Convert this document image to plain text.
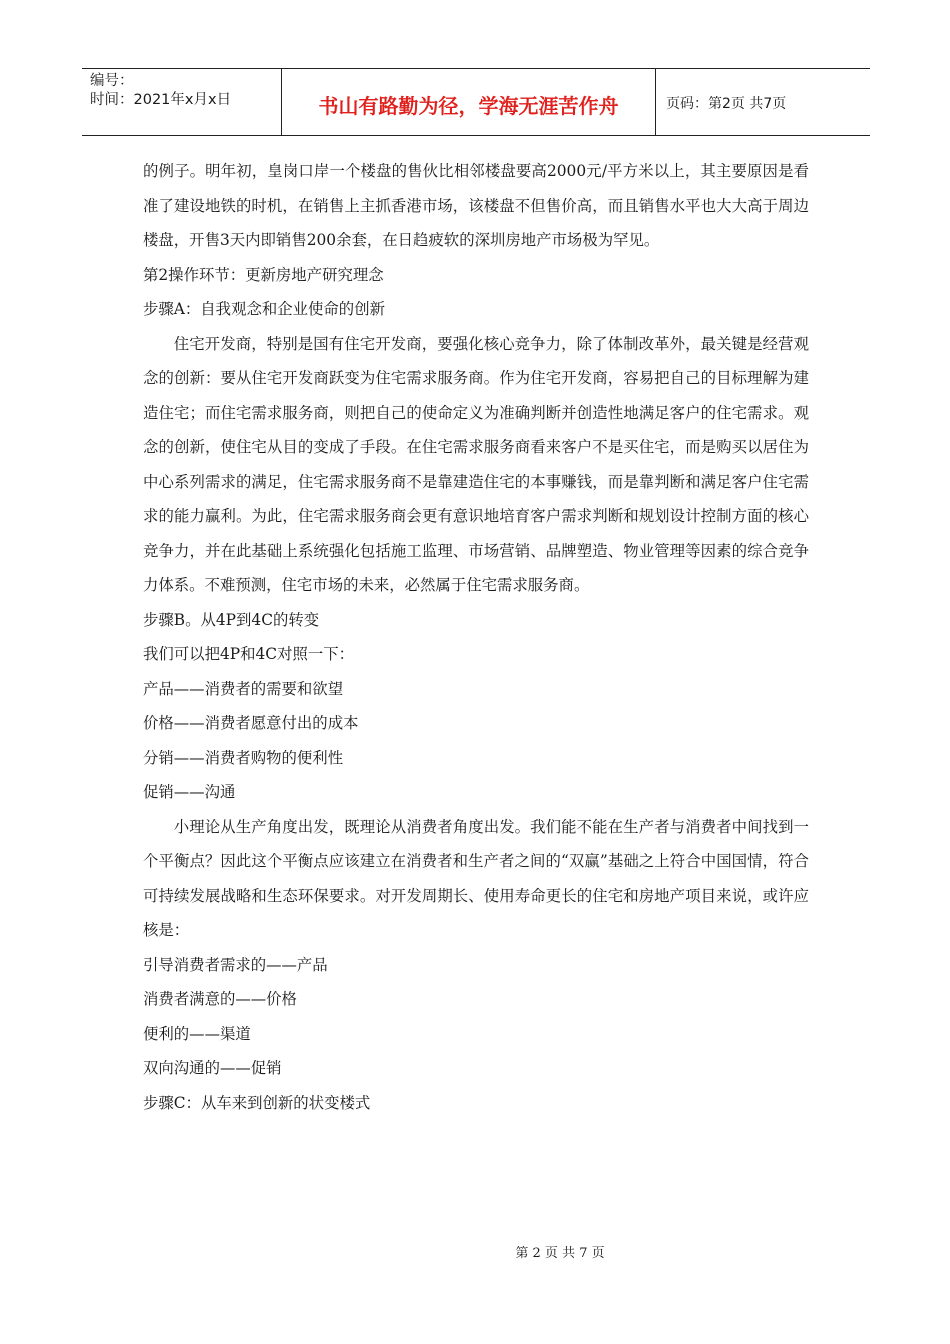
编号：
时间：2021年x月x日	书山有路勤为径，学海无涯苦作舟	页码：第2页 共7页

的例子。明年初，皇岗口岸一个楼盘的售伙比相邻楼盘要高2000元/平方米以上，其主要原因是看准了建设地铁的时机，在销售上主抓香港市场，该楼盘不但售价高，而且销售水平也大大高于周边楼盘，开售3天内即销售200余套，在日趋疲软的深圳房地产市场极为罕见。

第2操作环节：更新房地产研究理念

步骤A：自我观念和企业使命的创新

住宅开发商，特别是国有住宅开发商，要强化核心竞争力，除了体制改革外，最关键是经营观念的创新：要从住宅开发商跃变为住宅需求服务商。作为住宅开发商，容易把自己的目标理解为建造住宅；而住宅需求服务商，则把自己的使命定义为准确判断并创造性地满足客户的住宅需求。观念的创新，使住宅从目的变成了手段。在住宅需求服务商看来客户不是买住宅，而是购买以居住为中心系列需求的满足，住宅需求服务商不是靠建造住宅的本事赚钱，而是靠判断和满足客户住宅需求的能力赢利。为此，住宅需求服务商会更有意识地培育客户需求判断和规划设计控制方面的核心竞争力，并在此基础上系统强化包括施工监理、市场营销、品牌塑造、物业管理等因素的综合竞争力体系。不难预测，住宅市场的未来，必然属于住宅需求服务商。

步骤B。从4P到4C的转变

我们可以把4P和4C对照一下：

产品——消费者的需要和欲望

价格——消费者愿意付出的成本

分销——消费者购物的便利性

促销——沟通

小理论从生产角度出发，既理论从消费者角度出发。我们能不能在生产者与消费者中间找到一个平衡点？因此这个平衡点应该建立在消费者和生产者之间的“双赢”基础之上符合中国国情，符合可持续发展战略和生态环保要求。对开发周期长、使用寿命更长的住宅和房地产项目来说，或许应核是：

引导消费者需求的——产品

消费者满意的——价格

便利的——渠道

双向沟通的——促销

步骤C：从车来到创新的状变楼式

第 2 页 共 7 页
